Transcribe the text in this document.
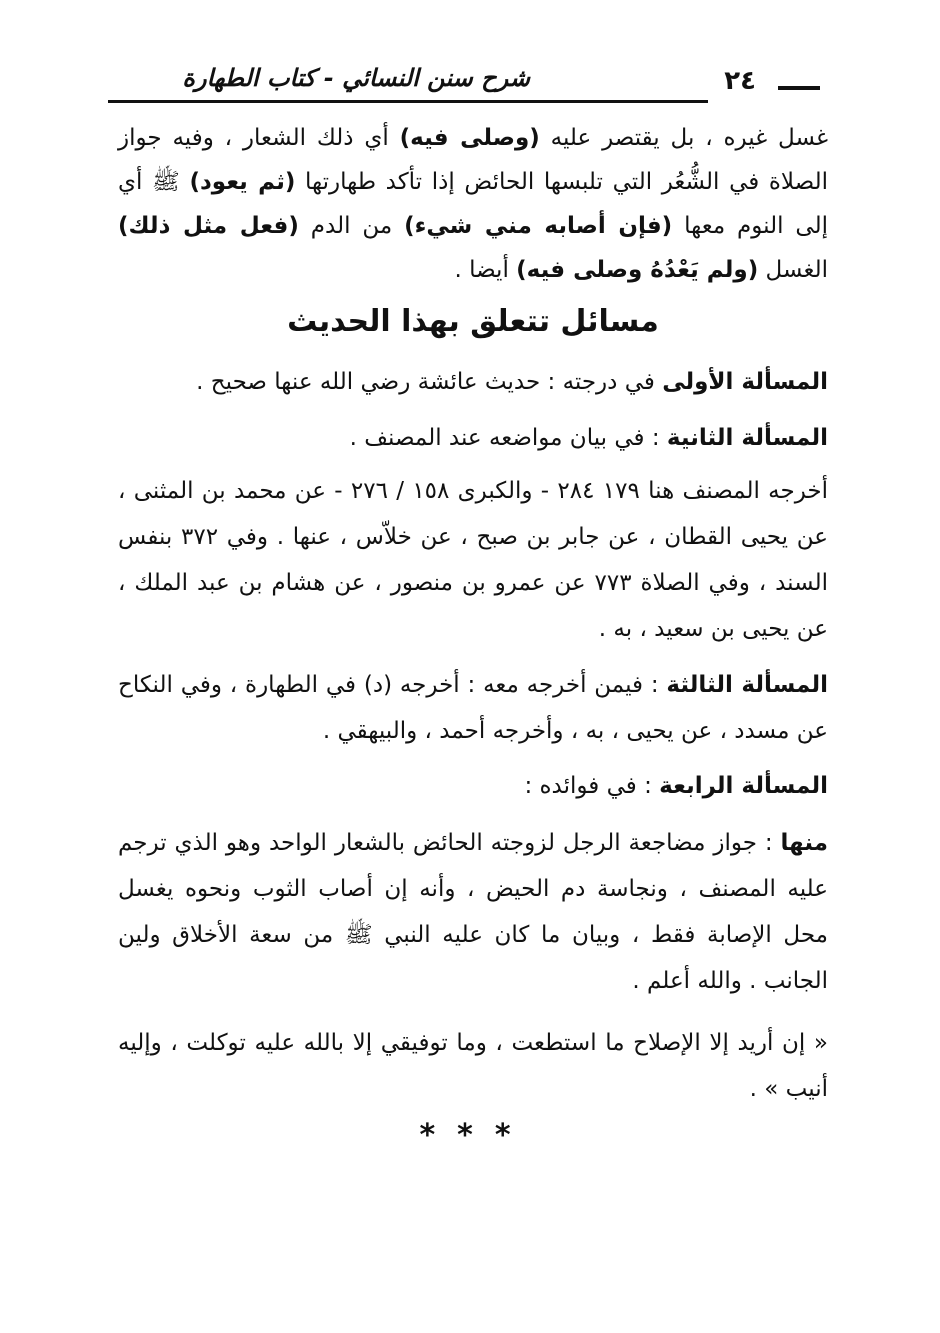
٢٤
شرح سنن النسائي - كتاب الطهارة
غسل غيره ، بل يقتصر عليه (وصلى فيه) أي ذلك الشعار ، وفيه جواز الصلاة في الشُّعُر التي تلبسها الحائض إذا تأكد طهارتها (ثم يعود) ﷺ أي إلى النوم معها (فإن أصابه مني شيء) من الدم (فعل مثل ذلك) الغسل (ولم يَعْدُهُ وصلى فيه) أيضا .
مسائل تتعلق بهذا الحديث
المسألة الأولى في درجته : حديث عائشة رضي الله عنها صحيح .
المسألة الثانية : في بيان مواضعه عند المصنف .
أخرجه المصنف هنا ١٧٩ ٢٨٤ - والكبرى ١٥٨ / ٢٧٦ - عن محمد بن المثنى ، عن يحيى القطان ، عن جابر بن صبح ، عن خلاّس ، عنها . وفي ٣٧٢ بنفس السند ، وفي الصلاة ٧٧٣ عن عمرو بن منصور ، عن هشام بن عبد الملك ، عن يحيى بن سعيد ، به .
المسألة الثالثة : فيمن أخرجه معه : أخرجه (د) في الطهارة ، وفي النكاح عن مسدد ، عن يحيى ، به ، وأخرجه أحمد ، والبيهقي .
المسألة الرابعة : في فوائده :
منها : جواز مضاجعة الرجل لزوجته الحائض بالشعار الواحد وهو الذي ترجم عليه المصنف ، ونجاسة دم الحيض ، وأنه إن أصاب الثوب ونحوه يغسل محل الإصابة فقط ، وبيان ما كان عليه النبي ﷺ من سعة الأخلاق ولين الجانب . والله أعلم .
« إن أريد إلا الإصلاح ما استطعت ، وما توفيقي إلا بالله عليه توكلت ، وإليه أنيب » .
* * *
